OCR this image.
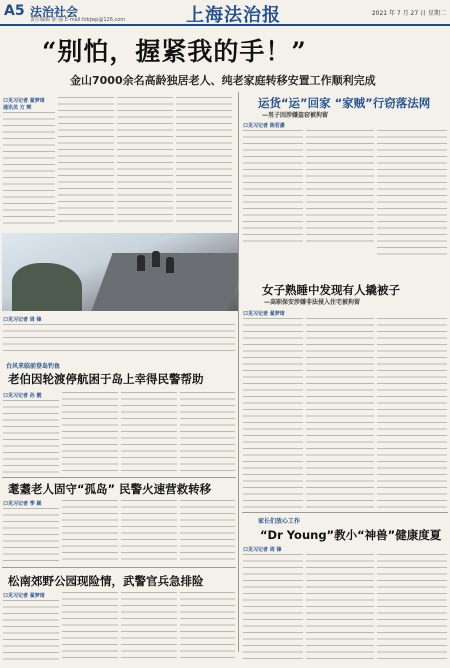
A5 法治社会
责任编辑 陈 强 E-mail:fzbjwp@126.com	上海法治报	2021 年 7 月 27 日 星期二
“别怕，握紧我的手！”
金山7000余名高龄独居老人、纯老家庭转移安置工作顺利完成
口见习记者 翟梦琦
通讯员 方 辉	运货“运”回家 “家贼”行窃落法网
—男子因涉嫌盗窃被拘留
口见习记者 陈若潇
口见习记者 周 锋
女子熟睡中发现有人撬被子
—高职保安涉嫌非法侵入住宅被拘留
口见习记者 翟梦琦
台风来临前登岛钓鱼
老伯因轮渡停航困于岛上幸得民警帮助
口见习记者 孙 靓
耄耋老人固守“孤岛” 民警火速营救转移
口见习记者 季 颖
松南郊野公园现险情，武警官兵急排险
口见习记者 翟梦琦
家长们放心工作
“Dr Young”教小“神兽”健康度夏
口见习记者 周 锋
